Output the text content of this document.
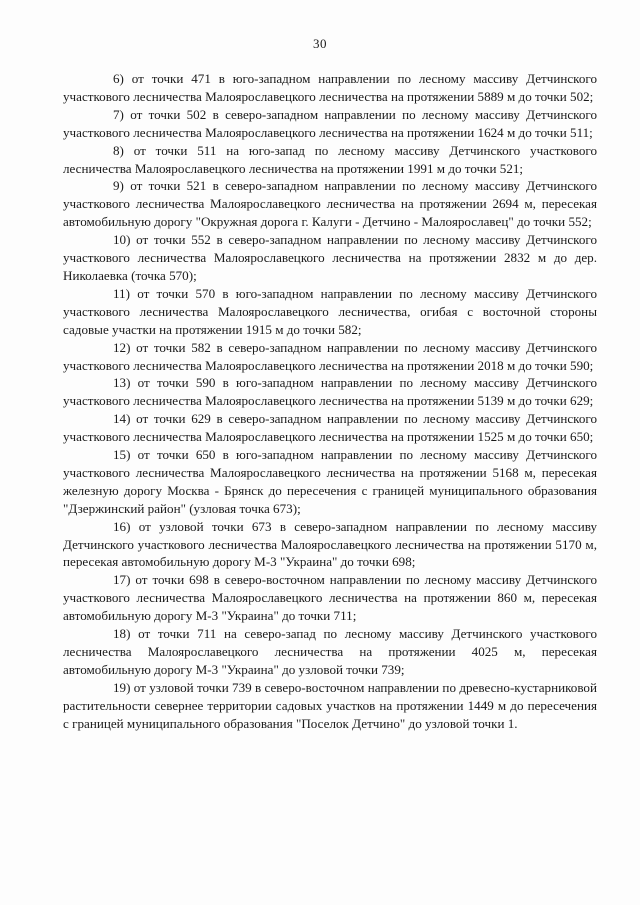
30

6) от точки 471 в юго-западном направлении по лесному массиву Детчинского участкового лесничества Малоярославецкого лесничества на протяжении 5889 м до точки 502;

7) от точки 502 в северо-западном направлении по лесному массиву Детчинского участкового лесничества Малоярославецкого лесничества на протяжении 1624 м до точки 511;

8) от точки 511 на юго-запад по лесному массиву Детчинского участкового лесничества Малоярославецкого лесничества на протяжении 1991 м до точки 521;

9) от точки 521 в северо-западном направлении по лесному массиву Детчинского участкового лесничества Малоярославецкого лесничества на протяжении 2694 м, пересекая автомобильную дорогу "Окружная дорога г. Калуги - Детчино - Малоярославец" до точки 552;

10) от точки 552 в северо-западном направлении по лесному массиву Детчинского участкового лесничества Малоярославецкого лесничества на протяжении 2832 м до дер. Николаевка (точка 570);

11) от точки 570 в юго-западном направлении по лесному массиву Детчинского участкового лесничества Малоярославецкого лесничества, огибая с восточной стороны садовые участки на протяжении 1915 м до точки 582;

12) от точки 582 в северо-западном направлении по лесному массиву Детчинского участкового лесничества Малоярославецкого лесничества на протяжении 2018 м до точки 590;

13) от точки 590 в юго-западном направлении по лесному массиву Детчинского участкового лесничества Малоярославецкого лесничества на протяжении 5139 м до точки 629;

14) от точки 629 в северо-западном направлении по лесному массиву Детчинского участкового лесничества Малоярославецкого лесничества на протяжении 1525 м до точки 650;

15) от точки 650 в юго-западном направлении по лесному массиву Детчинского участкового лесничества Малоярославецкого лесничества на протяжении 5168 м, пересекая железную дорогу Москва - Брянск до пересечения с границей муниципального образования "Дзержинский район" (узловая точка 673);

16) от узловой точки 673 в северо-западном направлении по лесному массиву Детчинского участкового лесничества Малоярославецкого лесничества на протяжении 5170 м, пересекая автомобильную дорогу М-3 "Украина" до точки 698;

17) от точки 698 в северо-восточном направлении по лесному массиву Детчинского участкового лесничества Малоярославецкого лесничества на протяжении 860 м, пересекая автомобильную дорогу М-3 "Украина" до точки 711;

18) от точки 711 на северо-запад по лесному массиву Детчинского участкового лесничества Малоярославецкого лесничества на протяжении 4025 м, пересекая автомобильную дорогу М-3 "Украина" до узловой точки 739;

19) от узловой точки 739 в северо-восточном направлении по древесно-кустарниковой растительности севернее территории садовых участков на протяжении 1449 м до пересечения с границей муниципального образования "Поселок Детчино" до узловой точки 1.
